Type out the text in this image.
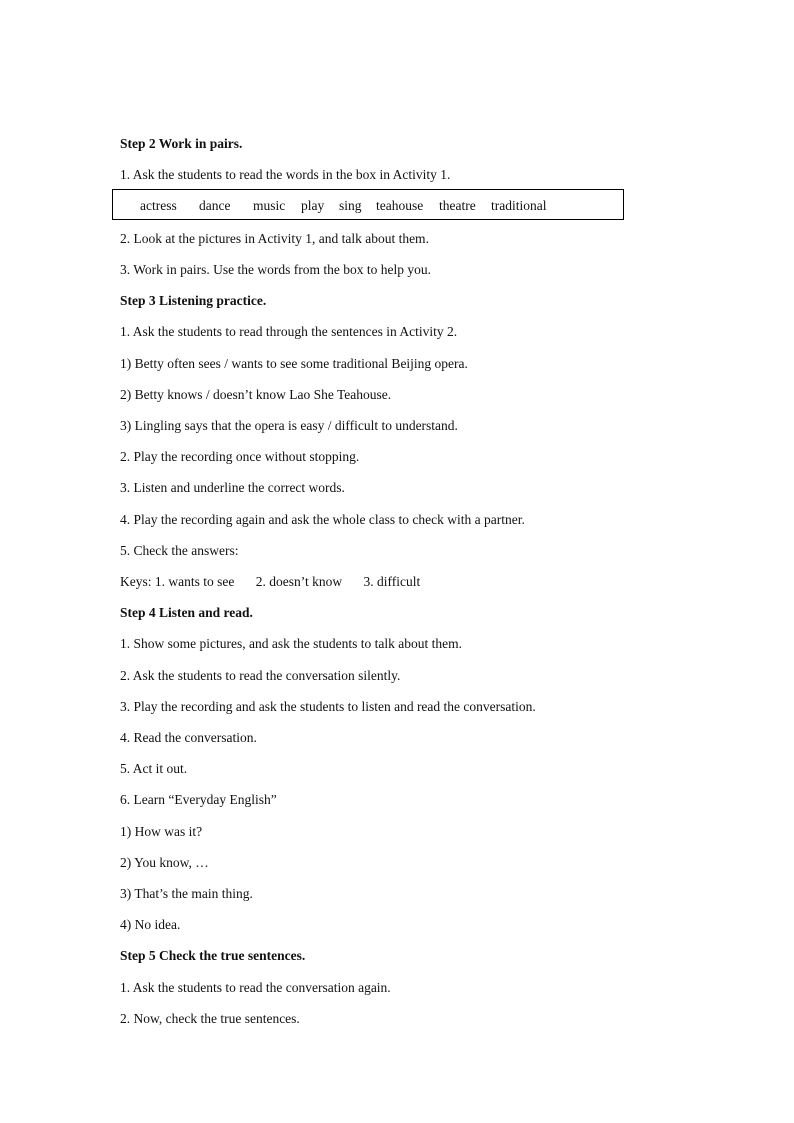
Step 2 Work in pairs.
1. Ask the students to read the words in the box in Activity 1.
actress dance music play sing teahouse theatre traditional
2. Look at the pictures in Activity 1, and talk about them.
3. Work in pairs. Use the words from the box to help you.
Step 3 Listening practice.
1. Ask the students to read through the sentences in Activity 2.
1) Betty often sees / wants to see some traditional Beijing opera.
2) Betty knows / doesn’t know Lao She Teahouse.
3) Lingling says that the opera is easy / difficult to understand.
2. Play the recording once without stopping.
3. Listen and underline the correct words.
4. Play the recording again and ask the whole class to check with a partner.
5. Check the answers:
Keys: 1. wants to see 2. doesn’t know 3. difficult
Step 4 Listen and read.
1. Show some pictures, and ask the students to talk about them.
2. Ask the students to read the conversation silently.
3. Play the recording and ask the students to listen and read the conversation.
4. Read the conversation.
5. Act it out.
6. Learn “Everyday English”
1) How was it?
2) You know, …
3) That’s the main thing.
4) No idea.
Step 5 Check the true sentences.
1. Ask the students to read the conversation again.
2. Now, check the true sentences.
